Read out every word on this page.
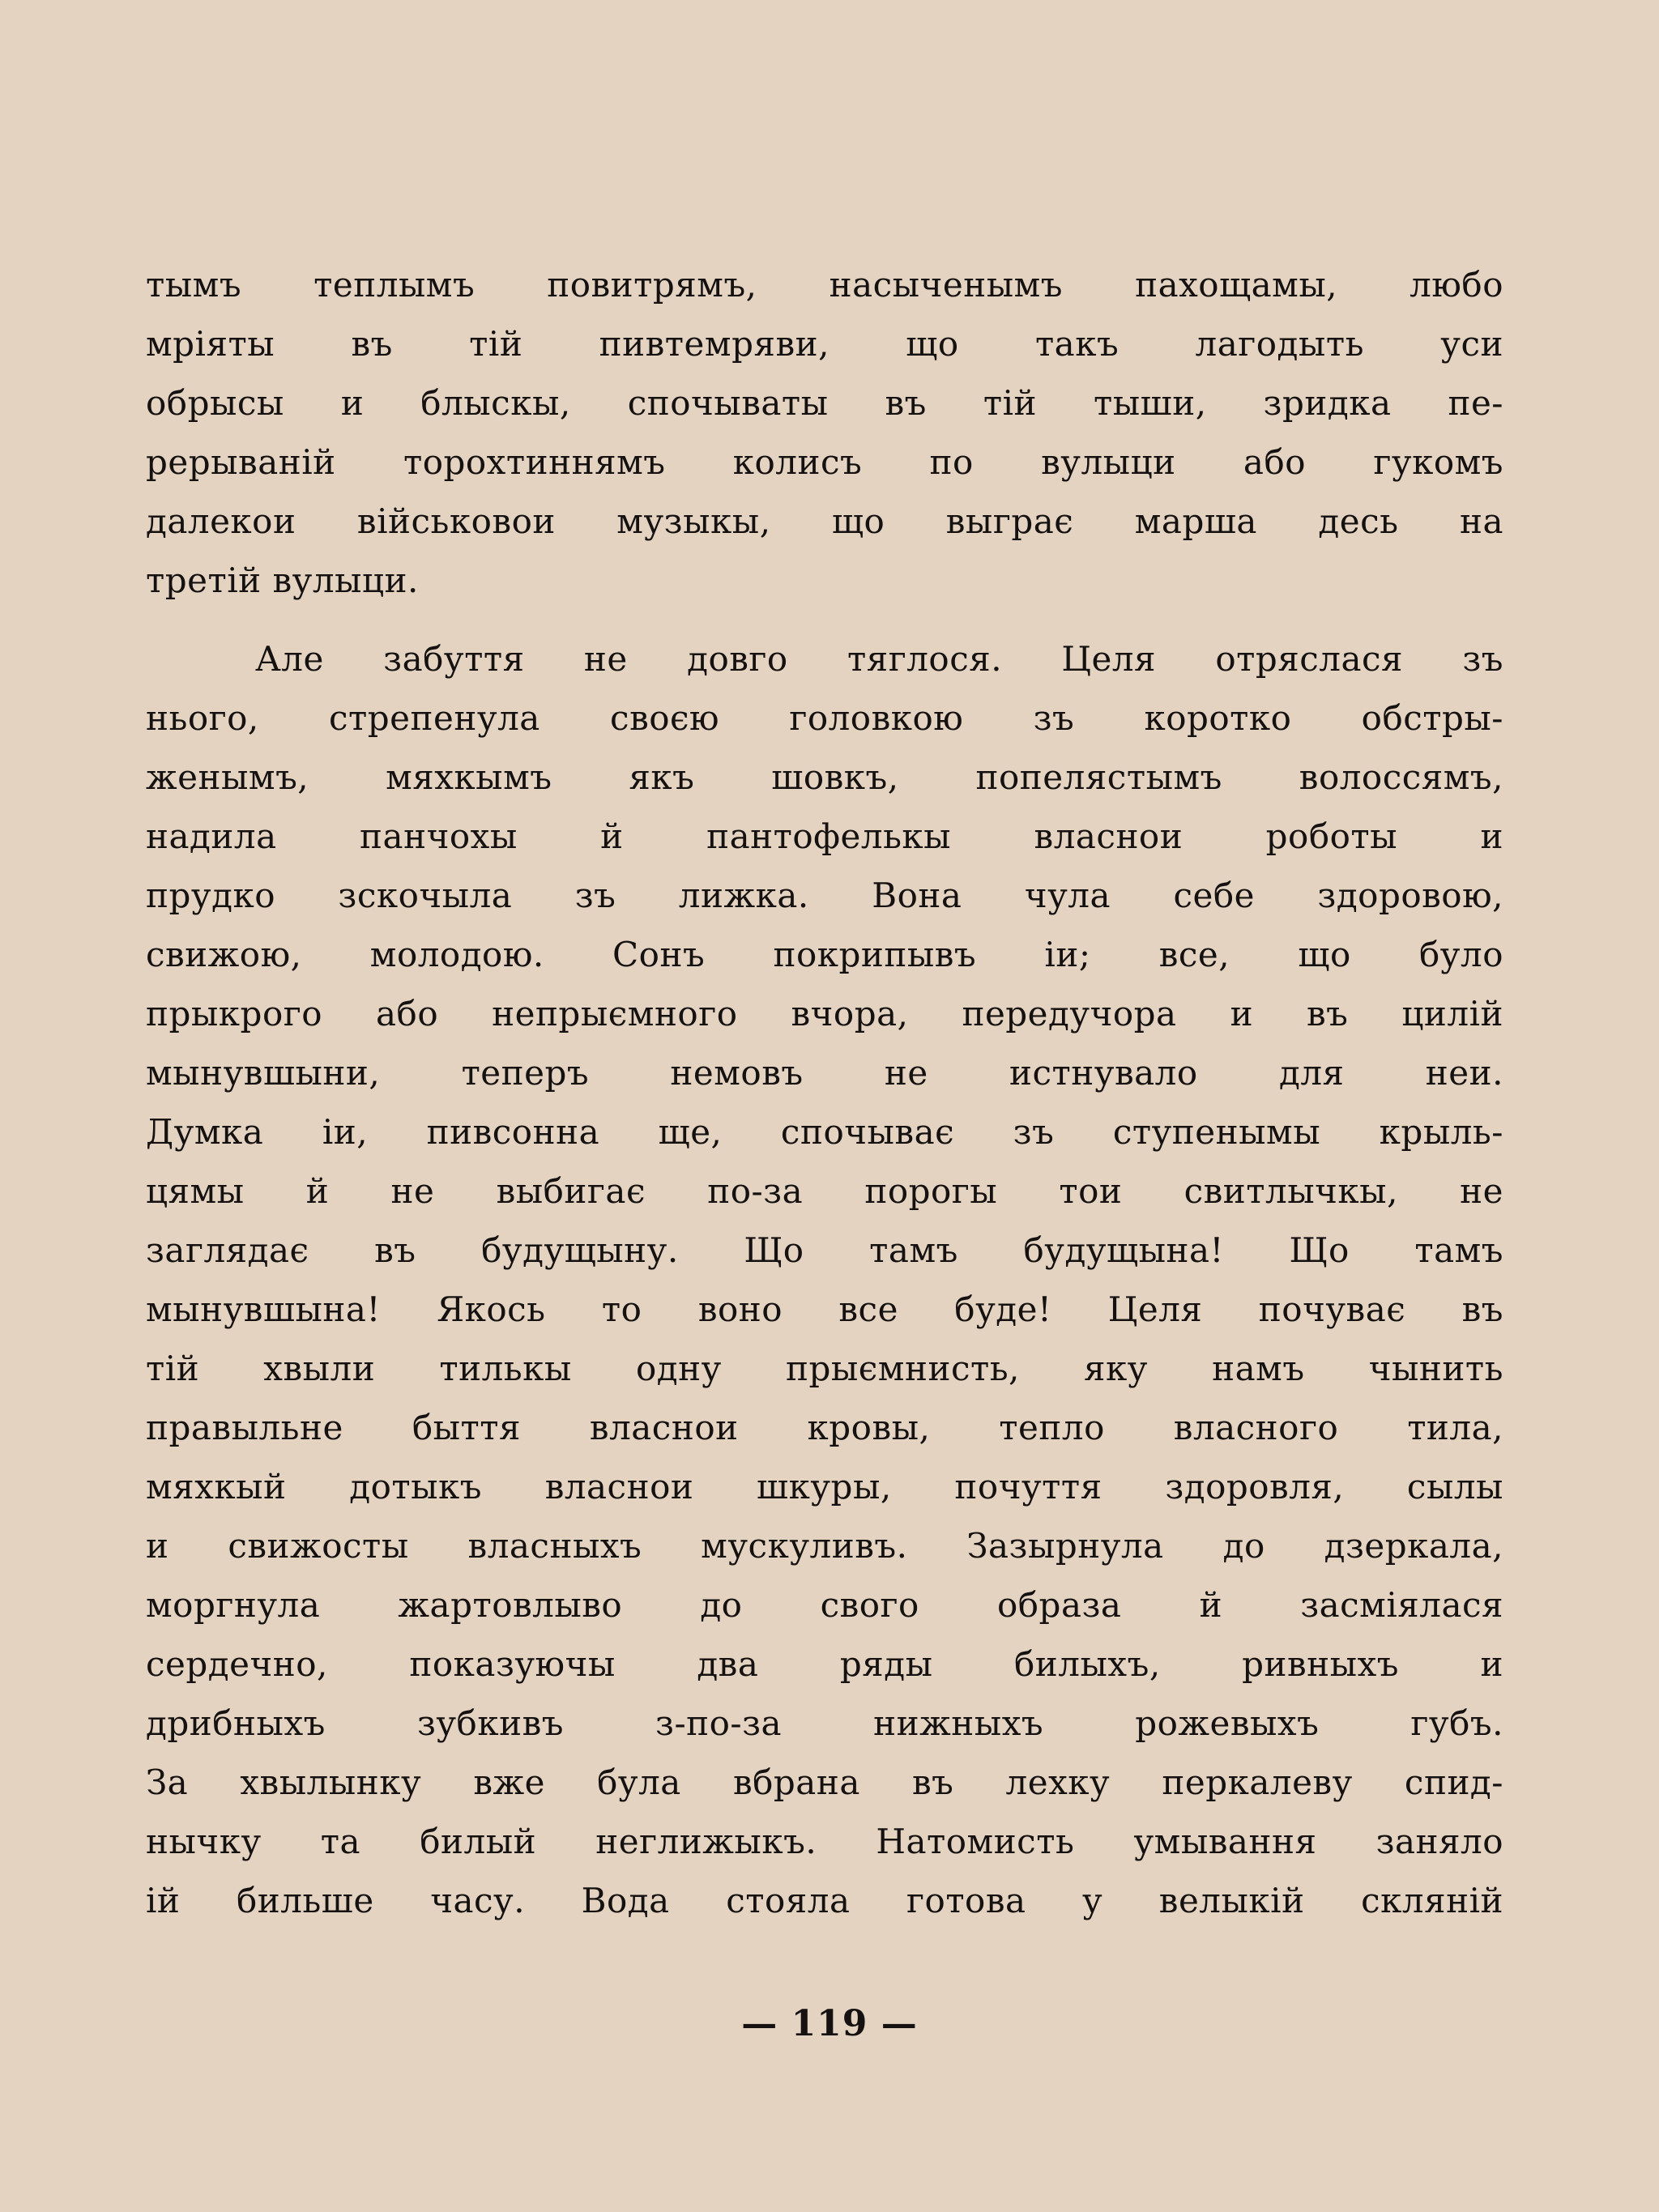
тымъ теплымъ повитрямъ, насыченымъ пахощамы, любо
мріяты въ тій пивтемряви, що такъ лагодыть уси
обрысы и блыскы, спочываты въ тій тыши, зридка пе-
рерываній торохтиннямъ колисъ по вулыци або гукомъ
далекои військовои музыкы, що выграє марша десь на
третій вулыци.
Але забуття не довго тяглося. Целя отряслася зъ
нього, стрепенула своєю головкою зъ коротко обстры-
женымъ, мяхкымъ якъ шовкъ, попелястымъ волоссямъ,
надила панчохы й пантофелькы власнои роботы и
прудко зскочыла зъ лижка. Вона чула себе здоровою,
свижою, молодою. Сонъ покрипывъ іи; все, що було
прыкрого або непрыємного вчора, передучора и въ цилій
мынувшыни, теперъ немовъ не истнувало для неи.
Думка іи, пивсонна ще, спочыває зъ ступенымы крыль-
цямы й не выбигає по-за порогы тои свитлычкы, не
заглядає въ будущыну. Що тамъ будущына! Що тамъ
мынувшына! Якось то воно все буде! Целя почуває въ
тій хвыли тилькы одну прыємнисть, яку намъ чынить
правыльне быття власнои кровы, тепло власного тила,
мяхкый дотыкъ власнои шкуры, почуття здоровля, сылы
и свижосты власныхъ мускуливъ. Зазырнула до дзеркала,
моргнула жартовлыво до свого образа й засміялася
сердечно, показуючы два ряды билыхъ, ривныхъ и
дрибныхъ зубкивъ з-по-за нижныхъ рожевыхъ губъ.
За хвылынку вже була вбрана въ лехку перкалеву спид-
нычку та билый неглижыкъ. Натомисть умывання заняло
ій бильше часу. Вода стояла готова у велыкій скляній
— 119 —
